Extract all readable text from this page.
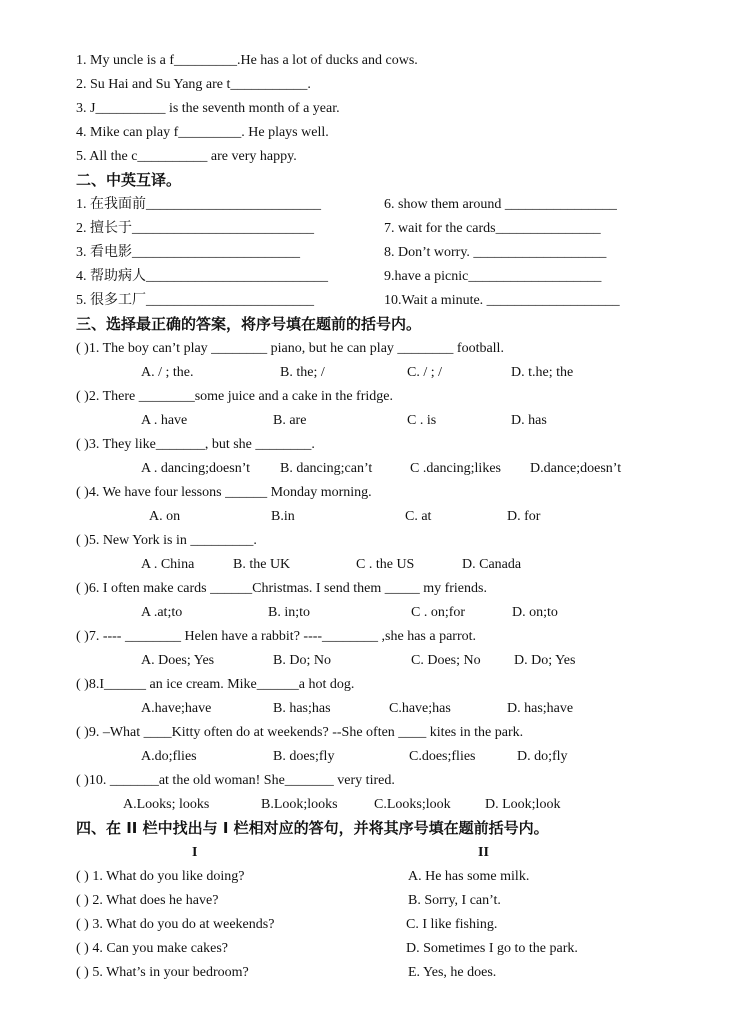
1. My uncle is a f_________.He has a lot of ducks and cows.
2. Su Hai and Su Yang are t___________.
3. J__________ is the seventh month of a year.
4. Mike can play f_________. He plays well.
5. All the c__________ are very happy.
二、中英互译。
1. 在我面前_________________________
2. 擅长于__________________________
3. 看电影________________________
4. 帮助病人__________________________
5. 很多工厂________________________
6. show them around ________________
7. wait for the cards_______________
8. Don’t worry. ___________________
9.have a picnic___________________
10.Wait a minute. ___________________
三、选择最正确的答案，将序号填在题前的括号内。
( )1. The boy can’t play ________ piano, but he can play ________ football.
A. / ; the.	B. the; /	C. / ; /	D. t.he; the
( )2. There ________some juice and a cake in the fridge.
A . have	B. are	C . is	D. has
( )3. They like_______, but she ________.
A . dancing;doesn’t B. dancing;can’t	C .dancing;likes D.dance;doesn’t
( )4. We have four lessons ______ Monday morning.
A. on	B.in	C. at	D. for
( )5. New York is in _________.
A . China	B. the UK	C . the US	D. Canada
( )6. I often make cards ______Christmas. I send them _____ my friends.
A .at;to	B. in;to	C . on;for	D. on;to
( )7. ---- ________ Helen have a rabbit? ----________ ,she has a parrot.
A. Does; Yes	B. Do; No	C. Does; No D. Do; Yes
( )8.I______ an ice cream. Mike______a hot dog.
A.have;have	B. has;has	C.have;has	D. has;have
( )9. –What ____Kitty often do at weekends? --She often ____ kites in the park.
A.do;flies	B. does;fly	C.does;flies	D. do;fly
( )10. _______at the old woman! She_______ very tired.
A.Looks; looks	B.Look;looks	C.Looks;look D. Look;look
四、在 II 栏中找出与 I 栏相对应的答句，并将其序号填在题前括号内。
I	II
( ) 1. What do you like doing?
( ) 2. What does he have?
( ) 3. What do you do at weekends?
( ) 4. Can you make cakes?
( ) 5. What’s in your bedroom?
A. He has some milk.
B. Sorry, I can’t.
C. I like fishing.
D. Sometimes I go to the park.
E. Yes, he does.
